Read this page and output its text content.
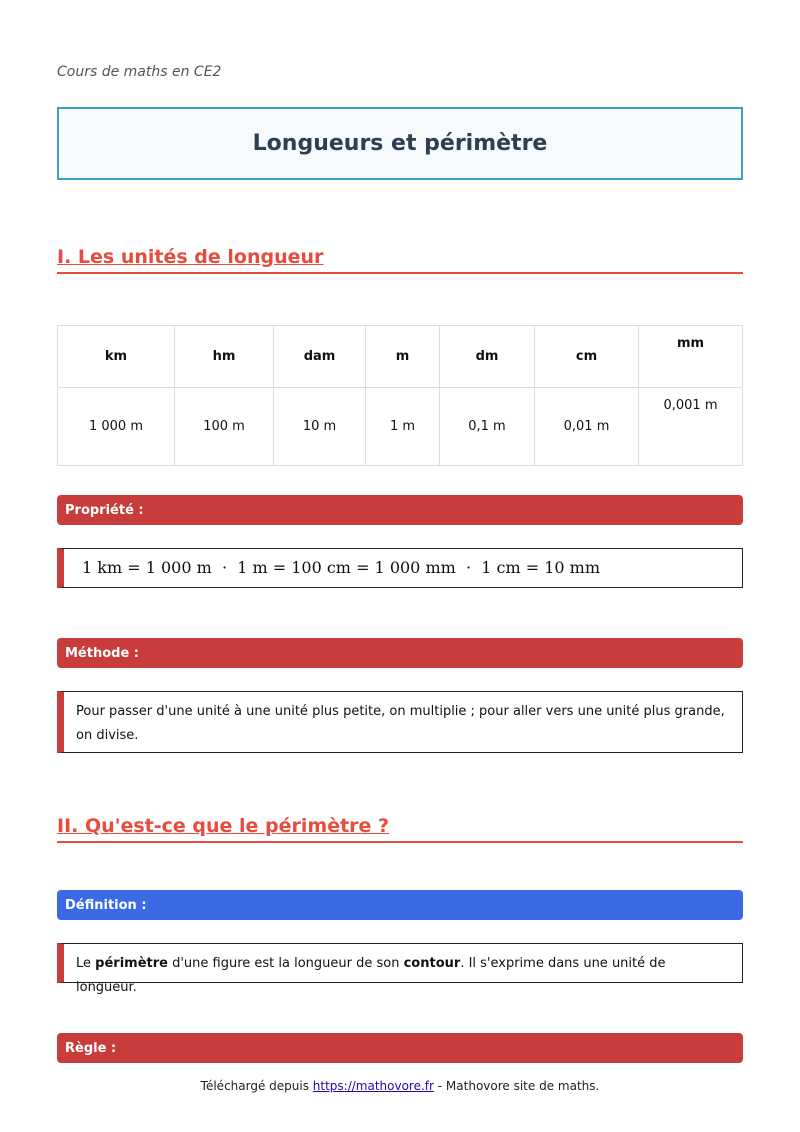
Cours de maths en CE2
Longueurs et périmètre
I. Les unités de longueur
km	hm	dam	m	dm	cm	mm
1 000 m	100 m	10 m	1 m	0,1 m	0,01 m	0,001 m
Propriété :
1 km = 1 000 m  ·  1 m = 100 cm = 1 000 mm  ·  1 cm = 10 mm
Méthode :
Pour passer d'une unité à une unité plus petite, on multiplie ; pour aller vers une unité plus grande, on divise.
II. Qu'est-ce que le périmètre ?
Définition :
Le périmètre d'une figure est la longueur de son contour. Il s'exprime dans une unité de longueur.
Règle :
Téléchargé depuis https://mathovore.fr - Mathovore site de maths.
